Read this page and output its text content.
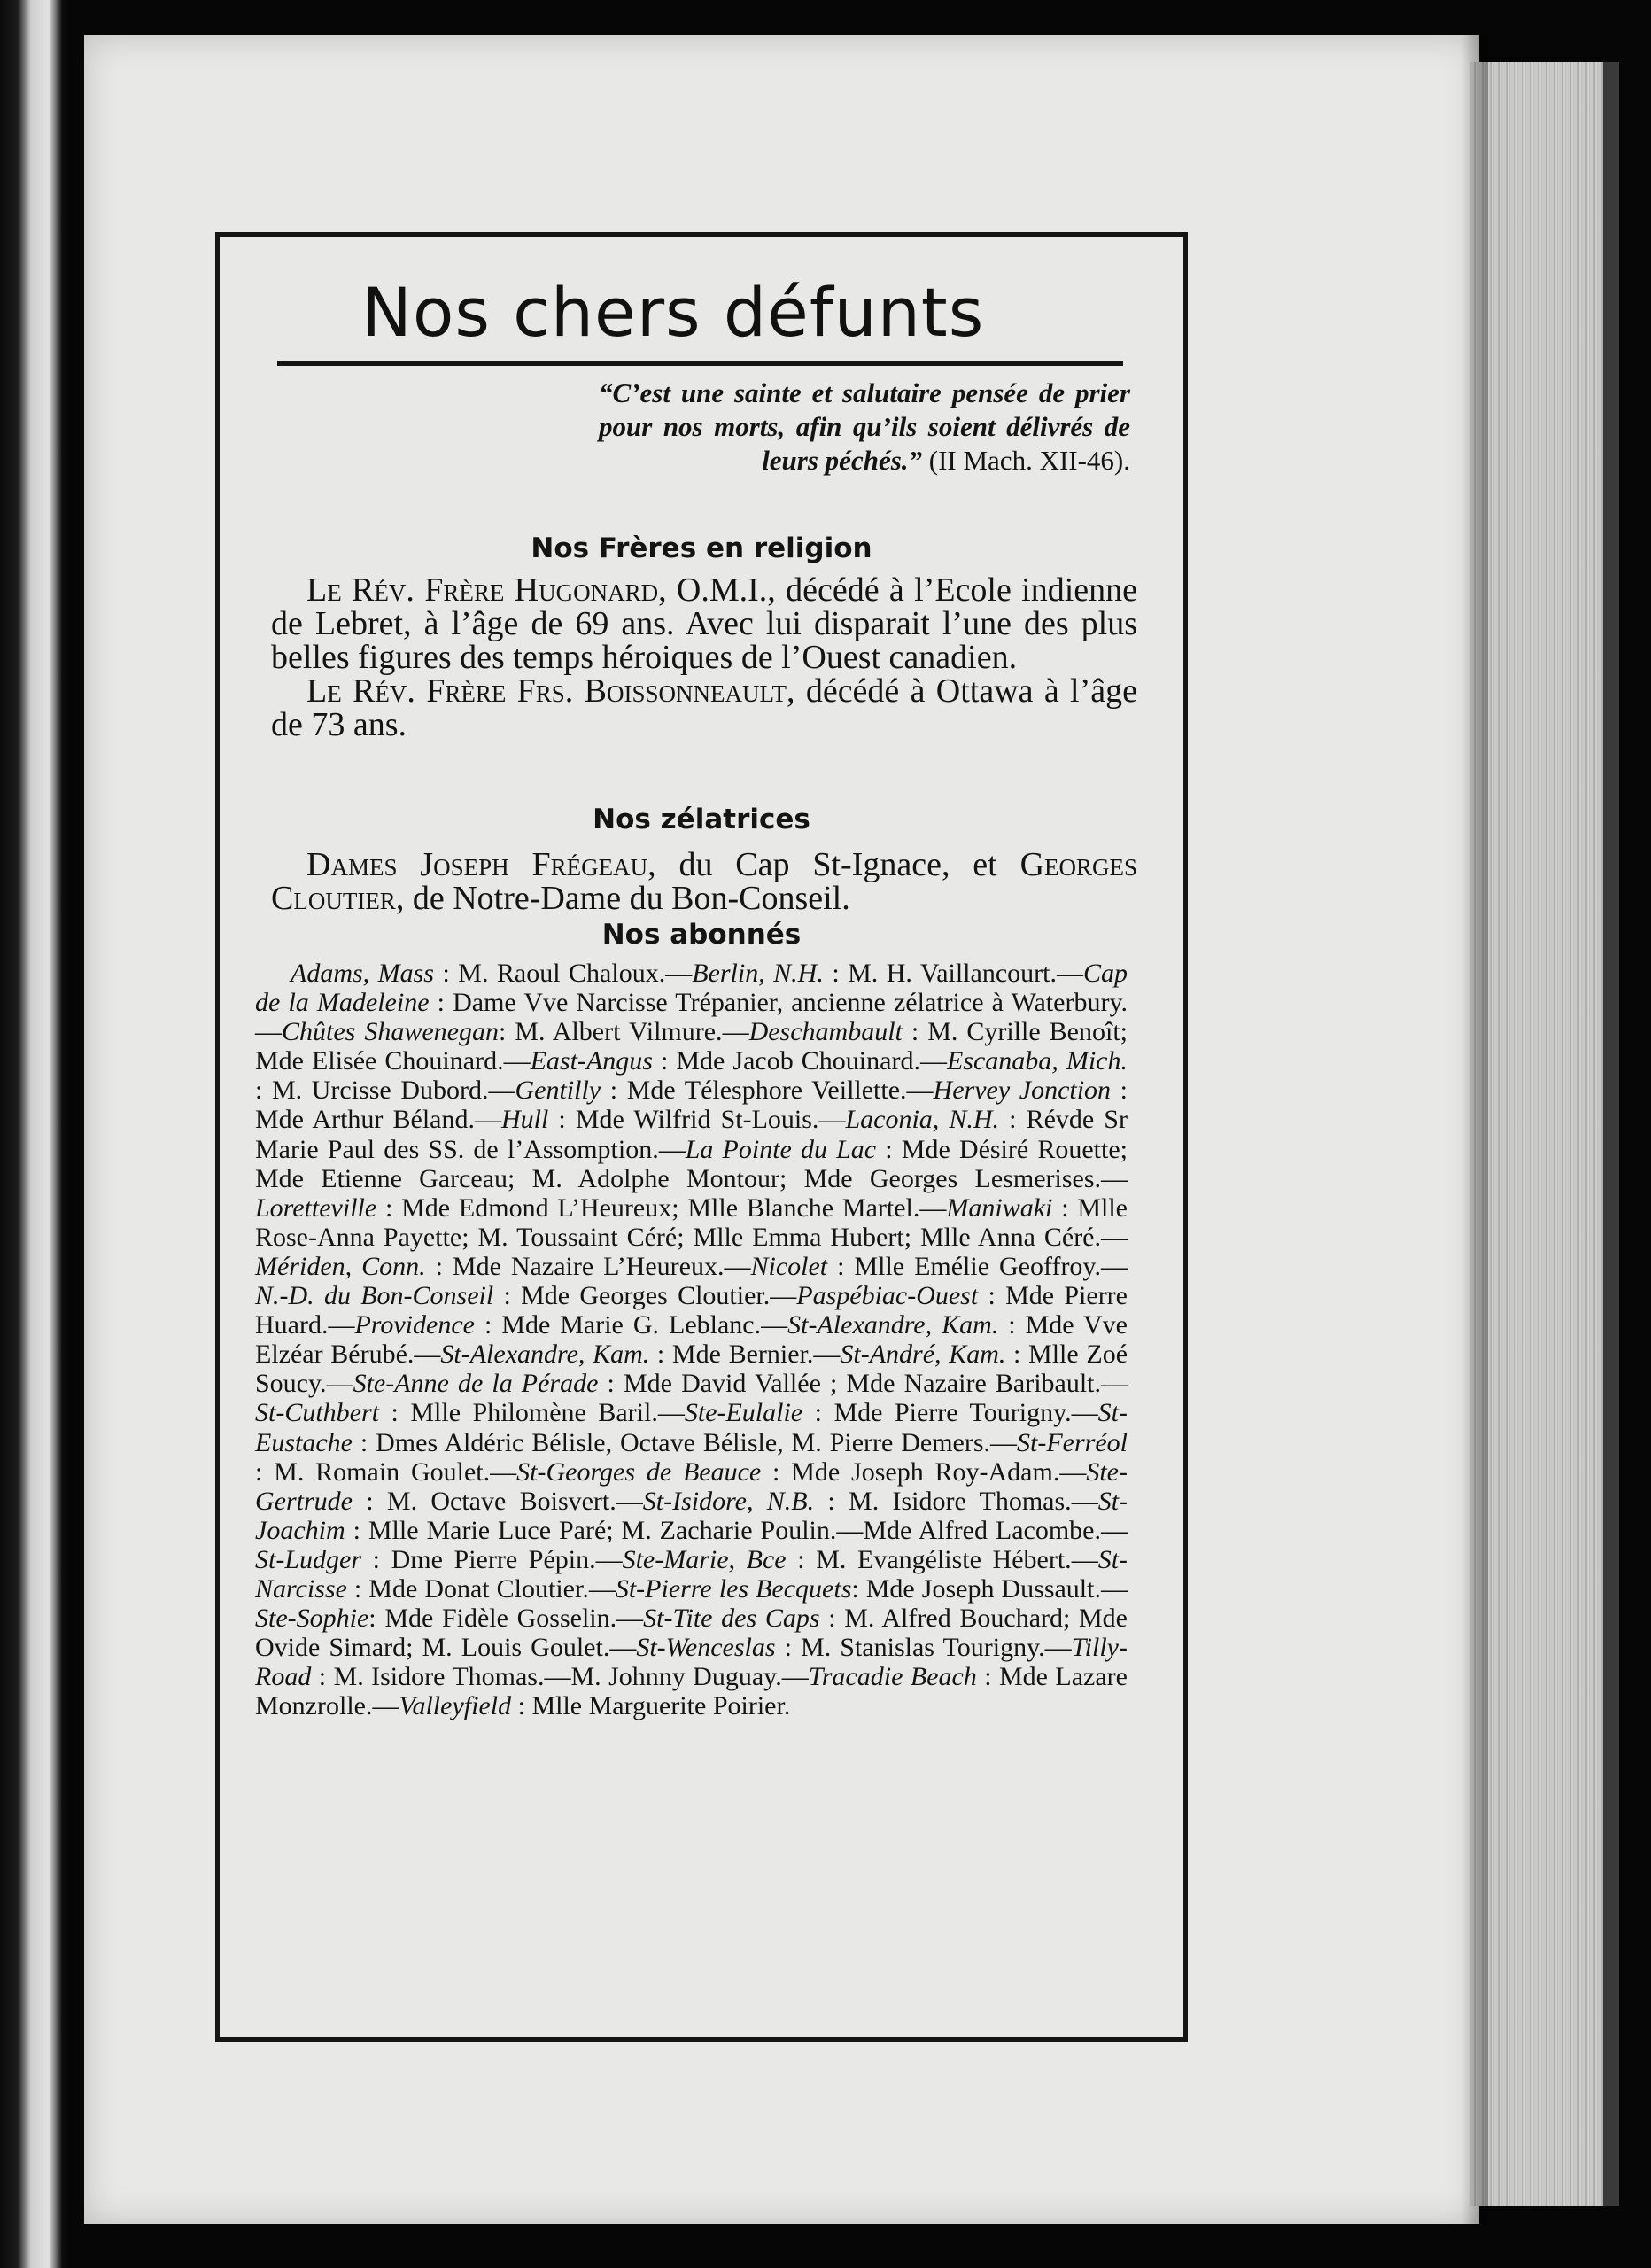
Nos chers défunts
“C’est une sainte et salutaire pensée de prier pour nos morts, afin qu’ils soient délivrés de leurs péchés.” (II Mach. XII-46).
Nos Frères en religion

Le Rév. Frère Hugonard, O.M.I., décédé à l’Ecole indienne de Lebret, à l’âge de 69 ans. Avec lui disparait l’une des plus belles figures des temps héroiques de l’Ouest canadien.

Le Rév. Frère Frs. Boissonneault, décédé à Ottawa à l’âge de 73 ans.

Nos zélatrices

Dames Joseph Frégeau, du Cap St-Ignace, et Georges Cloutier, de Notre-Dame du Bon-Conseil.

Nos abonnés

Adams, Mass : M. Raoul Chaloux.—Berlin, N.H. : M. H. Vaillancourt.—Cap de la Madeleine : Dame Vve Narcisse Trépanier, ancienne zélatrice à Waterbury.—Chûtes Shawenegan: M. Albert Vilmure.—Deschambault : M. Cyrille Benoît; Mde Elisée Chouinard.—East-Angus : Mde Jacob Chouinard.—Escanaba, Mich. : M. Urcisse Dubord.—Gentilly : Mde Télesphore Veillette.—Hervey Jonction : Mde Arthur Béland.—Hull : Mde Wilfrid St-Louis.—Laconia, N.H. : Révde Sr Marie Paul des SS. de l’Assomption.—La Pointe du Lac : Mde Désiré Rouette; Mde Etienne Garceau; M. Adolphe Montour; Mde Georges Lesmerises.—Loretteville : Mde Edmond L’Heureux; Mlle Blanche Martel.—Maniwaki : Mlle Rose-Anna Payette; M. Toussaint Céré; Mlle Emma Hubert; Mlle Anna Céré.—Mériden, Conn. : Mde Nazaire L’Heureux.—Nicolet : Mlle Emélie Geoffroy.—N.-D. du Bon-Conseil : Mde Georges Cloutier.—Paspébiac-Ouest : Mde Pierre Huard.—Providence : Mde Marie G. Leblanc.—St-Alexandre, Kam. : Mde Vve Elzéar Bérubé.—St-Alexandre, Kam. : Mde Bernier.—St-André, Kam. : Mlle Zoé Soucy.—Ste-Anne de la Pérade : Mde David Vallée ; Mde Nazaire Baribault.—St-Cuthbert : Mlle Philomène Baril.—Ste-Eulalie : Mde Pierre Tourigny.—St-Eustache : Dmes Aldéric Bélisle, Octave Bélisle, M. Pierre Demers.—St-Ferréol : M. Romain Goulet.—St-Georges de Beauce : Mde Joseph Roy-Adam.—Ste-Gertrude : M. Octave Boisvert.—St-Isidore, N.B. : M. Isidore Thomas.—St-Joachim : Mlle Marie Luce Paré; M. Zacharie Poulin.—Mde Alfred Lacombe.—St-Ludger : Dme Pierre Pépin.—Ste-Marie, Bce : M. Evangéliste Hébert.—St-Narcisse : Mde Donat Cloutier.—St-Pierre les Becquets: Mde Joseph Dussault.—Ste-Sophie: Mde Fidèle Gosselin.—St-Tite des Caps : M. Alfred Bouchard; Mde Ovide Simard; M. Louis Goulet.—St-Wenceslas : M. Stanislas Tourigny.—Tilly-Road : M. Isidore Thomas.—M. Johnny Duguay.—Tracadie Beach : Mde Lazare Monzrolle.—Valleyfield : Mlle Marguerite Poirier.
